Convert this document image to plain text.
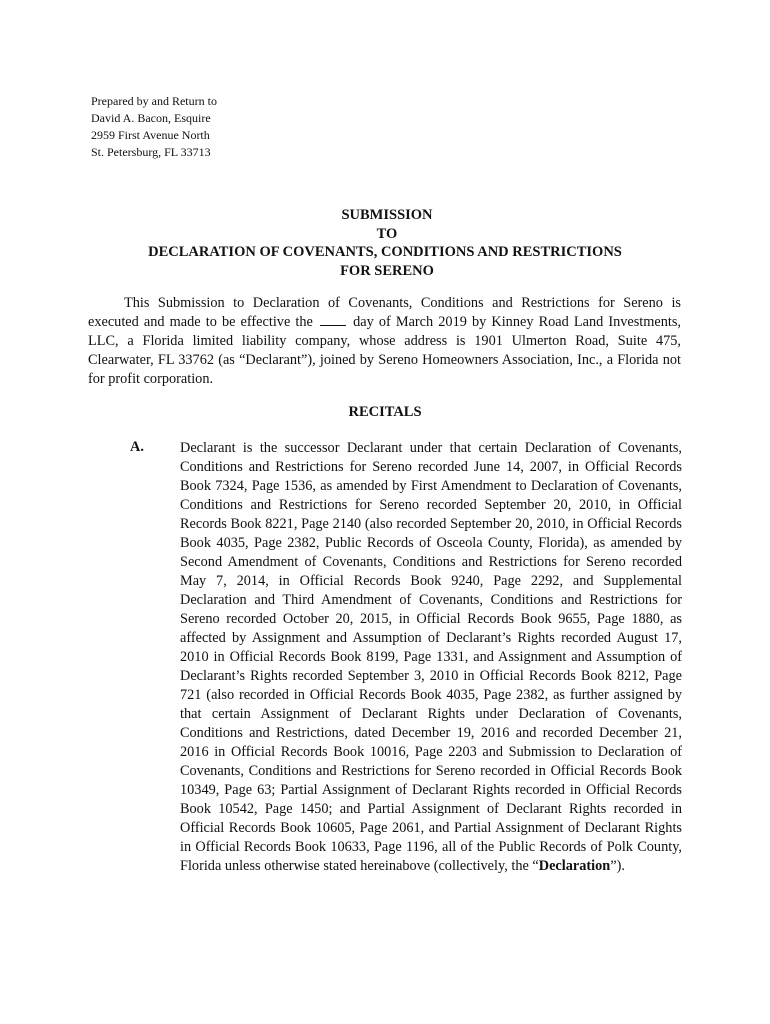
Prepared by and Return to
David A. Bacon, Esquire
2959 First Avenue North
St. Petersburg, FL 33713
SUBMISSION
TO
DECLARATION OF COVENANTS, CONDITIONS AND RESTRICTIONS
FOR SERENO

This Submission to Declaration of Covenants, Conditions and Restrictions for Sereno is executed and made to be effective the	day of March 2019 by Kinney Road Land Investments, LLC, a Florida limited liability company, whose address is 1901 Ulmerton Road, Suite 475, Clearwater, FL 33762 (as “Declarant”), joined by Sereno Homeowners Association, Inc., a Florida not for profit corporation.

RECITALS
A.	Declarant is the successor Declarant under that certain Declaration of Covenants, Conditions and Restrictions for Sereno recorded June 14, 2007, in Official Records Book 7324, Page 1536, as amended by First Amendment to Declaration of Covenants, Conditions and Restrictions for Sereno recorded September 20, 2010, in Official Records Book 8221, Page 2140 (also recorded September 20, 2010, in Official Records Book 4035, Page 2382, Public Records of Osceola County, Florida), as amended by Second Amendment of Covenants, Conditions and Restrictions for Sereno recorded May 7, 2014, in Official Records Book 9240, Page 2292, and Supplemental Declaration and Third Amendment of Covenants, Conditions and Restrictions for Sereno recorded October 20, 2015, in Official Records Book 9655, Page 1880, as affected by Assignment and Assumption of Declarant’s Rights recorded August 17, 2010 in Official Records Book 8199, Page 1331, and Assignment and Assumption of Declarant’s Rights recorded September 3, 2010 in Official Records Book 8212, Page 721 (also recorded in Official Records Book 4035, Page 2382, as further assigned by that certain Assignment of Declarant Rights under Declaration of Covenants, Conditions and Restrictions, dated December 19, 2016 and recorded December 21, 2016 in Official Records Book 10016, Page 2203 and Submission to Declaration of Covenants, Conditions and Restrictions for Sereno recorded in Official Records Book 10349, Page 63; Partial Assignment of Declarant Rights recorded in Official Records Book 10542, Page 1450; and Partial Assignment of Declarant Rights recorded in Official Records Book 10605, Page 2061, and Partial Assignment of Declarant Rights in Official Records Book 10633, Page 1196, all of the Public Records of Polk County, Florida unless otherwise stated hereinabove (collectively, the “Declaration”).
